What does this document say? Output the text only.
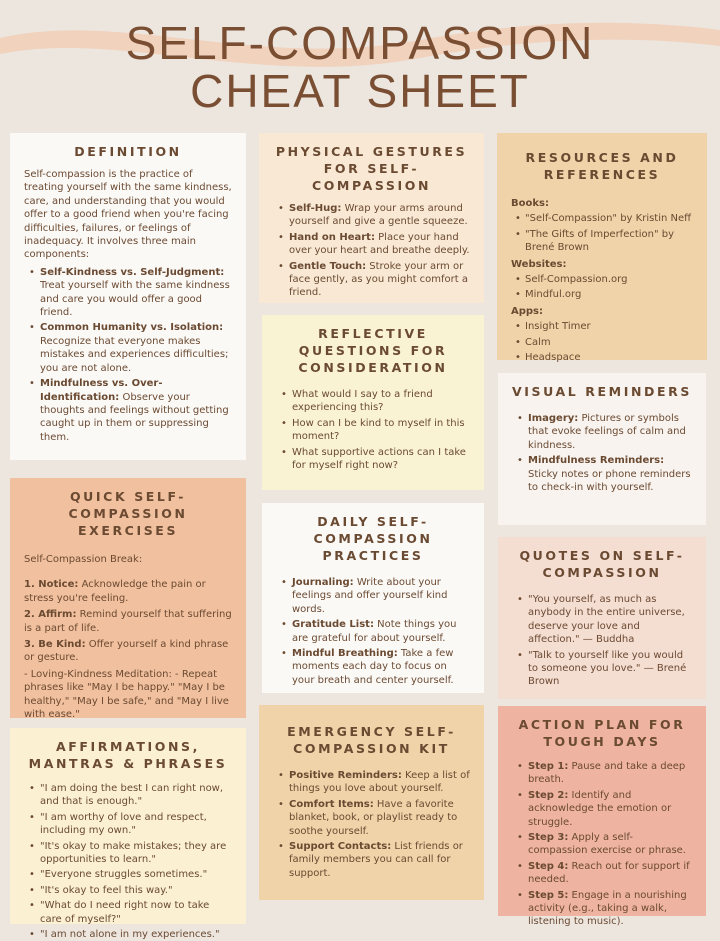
SELF-COMPASSION
CHEAT SHEET
DEFINITION

Self-compassion is the practice of treating yourself with the same kindness, care, and understanding that you would offer to a good friend when you're facing difficulties, failures, or feelings of inadequacy. It involves three main components:

• Self-Kindness vs. Self-Judgment: Treat yourself with the same kindness and care you would offer a good friend.
• Common Humanity vs. Isolation: Recognize that everyone makes mistakes and experiences difficulties; you are not alone.
• Mindfulness vs. Over-Identification: Observe your thoughts and feelings without getting caught up in them or suppressing them.
PHYSICAL GESTURES FOR SELF-COMPASSION
• Self-Hug: Wrap your arms around yourself and give a gentle squeeze.
• Hand on Heart: Place your hand over your heart and breathe deeply.
• Gentle Touch: Stroke your arm or face gently, as you might comfort a friend.
RESOURCES AND REFERENCES

Books:

• "Self-Compassion" by Kristin Neff
• "The Gifts of Imperfection" by Brené Brown

Websites:

• Self-Compassion.org
• Mindful.org

Apps:

• Insight Timer
• Calm
• Headspace
REFLECTIVE QUESTIONS FOR CONSIDERATION
• What would I say to a friend experiencing this?
• How can I be kind to myself in this moment?
• What supportive actions can I take for myself right now?
VISUAL REMINDERS
• Imagery: Pictures or symbols that evoke feelings of calm and kindness.
• Mindfulness Reminders: Sticky notes or phone reminders to check-in with yourself.
QUICK SELF-COMPASSION EXERCISES

Self-Compassion Break:

1. Notice: Acknowledge the pain or stress you're feeling.

2. Affirm: Remind yourself that suffering is a part of life.

3. Be Kind: Offer yourself a kind phrase or gesture.

- Loving-Kindness Meditation: - Repeat phrases like "May I be happy." "May I be healthy," "May I be safe," and "May I live with ease."

DAILY SELF-COMPASSION PRACTICES
• Journaling: Write about your feelings and offer yourself kind words.
• Gratitude List: Note things you are grateful for about yourself.
• Mindful Breathing: Take a few moments each day to focus on your breath and center yourself.
QUOTES ON SELF-COMPASSION
• "You yourself, as much as anybody in the entire universe, deserve your love and affection." — Buddha
• "Talk to yourself like you would to someone you love." — Brené Brown
EMERGENCY SELF-COMPASSION KIT
• Positive Reminders: Keep a list of things you love about yourself.
• Comfort Items: Have a favorite blanket, book, or playlist ready to soothe yourself.
• Support Contacts: List friends or family members you can call for support.
AFFIRMATIONS, MANTRAS & PHRASES
• "I am doing the best I can right now, and that is enough."
• "I am worthy of love and respect, including my own."
• "It's okay to make mistakes; they are opportunities to learn."
• "Everyone struggles sometimes."
• "It's okay to feel this way."
• "What do I need right now to take care of myself?"
• "I am not alone in my experiences."
ACTION PLAN FOR TOUGH DAYS
• Step 1: Pause and take a deep breath.
• Step 2: Identify and acknowledge the emotion or struggle.
• Step 3: Apply a self-compassion exercise or phrase.
• Step 4: Reach out for support if needed.
• Step 5: Engage in a nourishing activity (e.g., taking a walk, listening to music).
